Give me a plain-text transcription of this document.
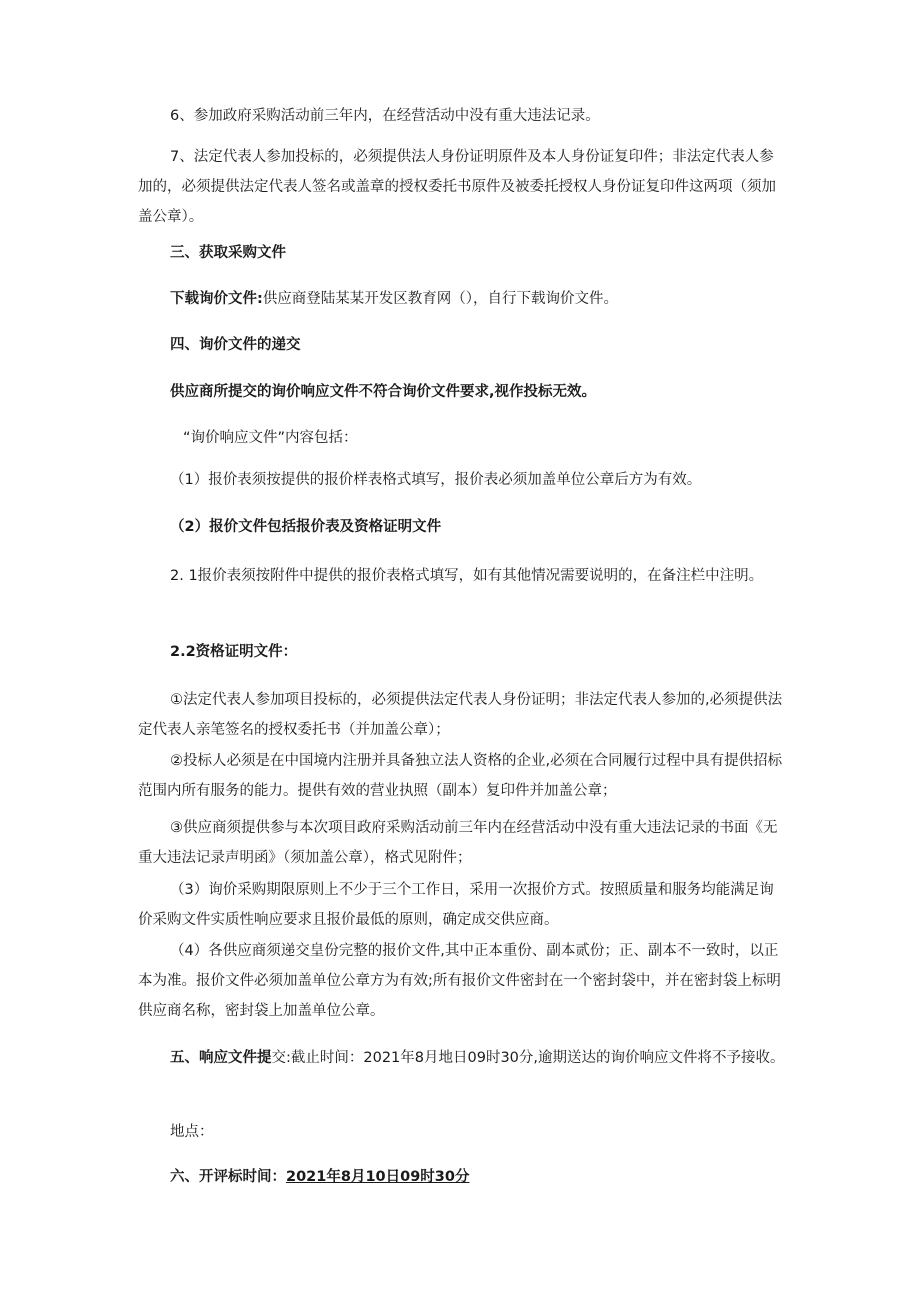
6、参加政府采购活动前三年内，在经营活动中没有重大违法记录。

7、法定代表人参加投标的，必须提供法人身份证明原件及本人身份证复印件；非法定代表人参加的，必须提供法定代表人签名或盖章的授权委托书原件及被委托授权人身份证复印件这两项（须加盖公章）。

三、获取采购文件

下载询价文件:供应商登陆某某开发区教育网（），自行下载询价文件。

四、询价文件的递交

供应商所提交的询价响应文件不符合询价文件要求,视作投标无效。

“询价响应文件”内容包括：

（1）报价表须按提供的报价样表格式填写，报价表必须加盖单位公章后方为有效。

（2）报价文件包括报价表及资格证明文件

2. 1报价表须按附件中提供的报价表格式填写，如有其他情况需要说明的，在备注栏中注明。

2.2资格证明文件：

①法定代表人参加项目投标的，必须提供法定代表人身份证明；非法定代表人参加的,必须提供法定代表人亲笔签名的授权委托书（并加盖公章）；

②投标人必须是在中国境内注册并具备独立法人资格的企业,必须在合同履行过程中具有提供招标范围内所有服务的能力。提供有效的营业执照（副本）复印件并加盖公章；

③供应商须提供参与本次项目政府采购活动前三年内在经营活动中没有重大违法记录的书面《无重大违法记录声明函》（须加盖公章），格式见附件；

（3）询价采购期限原则上不少于三个工作日，采用一次报价方式。按照质量和服务均能满足询价采购文件实质性响应要求且报价最低的原则，确定成交供应商。

（4）各供应商须递交皇份完整的报价文件,其中正本重份、副本贰份；正、副本不一致时，以正本为准。报价文件必须加盖单位公章方为有效;所有报价文件密封在一个密封袋中，并在密封袋上标明供应商名称，密封袋上加盖单位公章。

五、响应文件提交:截止时间：2021年8月地日09时30分,逾期送达的询价响应文件将不予接收。

地点：

六、开评标时间：2021年8月10日09时30分
